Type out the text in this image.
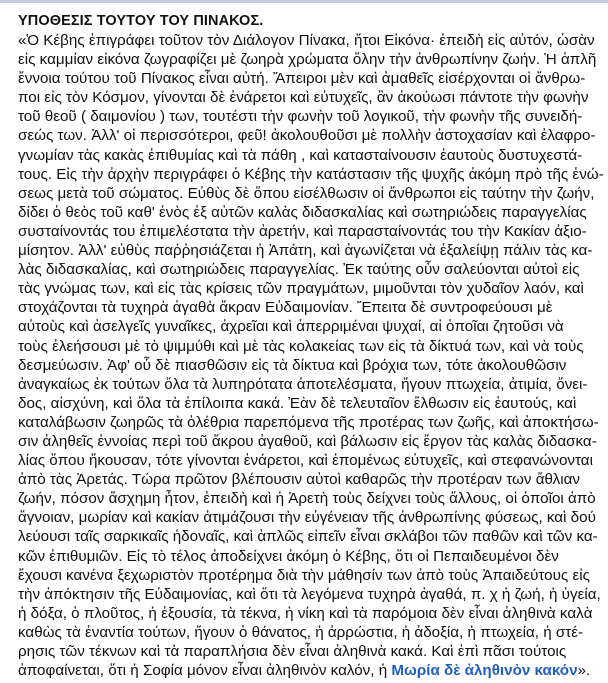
ΥΠΟΘΕΣΙΣ ΤΟΥΤΟΥ ΤΟΥ ΠΙΝΑΚΟΣ.

«Ὁ Κέβης ἐπιγράφει τοῦτον τὸν Διάλογον Πίνακα, ἤτοι Εἰκόνα· ἐπειδὴ εἰς αὐτόν, ὡσὰν

εἰς καμμίαν εἰκόνα ζωγραφίζει μὲ ζωηρὰ χρώματα ὅλην τὴν ἀνθρωπίνην ζωήν. Ἡ ἁπλῆ

ἔννοια τούτου τοῦ Πίνακος εἶναι αὐτή. Ἄπειροι μὲν καὶ ἀμαθεῖς εἰσέρχονται οἱ ἄνθρω-

ποι εἰς τὸν Κόσμον, γίνονται δὲ ἐνάρετοι καὶ εὐτυχεῖς, ἂν ἀκούωσι πάντοτε τὴν φωνὴν

τοῦ θεοῦ ( δαιμονίου ) των, τουτέστι τὴν φωνὴν τοῦ λογικοῦ, τὴν φωνὴν τῆς συνειδή-

σεώς των. Ἀλλ' οἱ περισσότεροι, φεῦ! ἀκολουθοῦσι μὲ πολλὴν ἀστοχασίαν καὶ ἐλαφρο-

γνωμίαν τὰς κακὰς ἐπιθυμίας καὶ τὰ πάθη , καὶ κατασταίνουσιν ἑαυτοὺς δυστυχεστά-

τους. Εἰς τὴν ἀρχὴν περιγράφει ὁ Κέβης τὴν κατάστασιν τῆς ψυχῆς ἀκόμη πρὸ τῆς ἑνώ-

σεως μετὰ τοῦ σώματος. Εὐθὺς δὲ ὅπου εἰσέλθωσιν οἱ ἄνθρωποι εἰς ταύτην τὴν ζωήν,

δίδει ὁ θεὸς τοῦ καθ' ἑνὸς ἐξ αὐτῶν καλὰς διδασκαλίας καὶ σωτηριώδεις παραγγελίας

συσταίνοντάς του ἐπιμελέστατα τὴν ἀρετήν, καὶ παρασταίνοντάς του τὴν Κακίαν ἀξιο-

μίσητον. Ἀλλ' εὐθὺς παῤῥησιάζεται ἡ Ἀπάτη, καὶ ἀγωνίζεται νὰ ἐξαλείψῃ πάλιν τὰς κα-

λὰς διδασκαλίας, καὶ σωτηριώδεις παραγγελίας. Ἐκ ταύτης οὖν σαλεύονται αὐτοὶ εἰς

τὰς γνώμας των, καὶ εἰς τὰς κρίσεις τῶν πραγμάτων, μιμοῦνται τὸν χυδαῖον λαόν, καὶ

στοχάζονται τὰ τυχηρὰ ἀγαθὰ ἄκραν Εὐδαιμονίαν. Ἔπειτα δὲ συντροφεύουσι μὲ

αὐτοὺς καὶ ἀσελγεῖς γυναῖκες, ἀχρεῖαι καὶ ἀπερριμέναι ψυχαί, αἱ ὁποῖαι ζητοῦσι νὰ

τοὺς ἐλεήσουσι μὲ τὸ ψιμμύθι καὶ μὲ τὰς κολακείας των εἰς τὰ δίκτυά των, καὶ νὰ τοὺς

δεσμεύωσιν. Ἀφ' οὗ δὲ πιασθῶσιν εἰς τὰ δίκτυα καὶ βρόχια των, τότε ἀκολουθῶσιν

ἀναγκαίως ἐκ τούτων ὅλα τὰ λυπηρότατα ἀποτελέσματα, ἤγουν πτωχεία, ἀτιμία, ὄνει-

δος, αἰσχύνη, καὶ ὅλα τὰ ἐπίλοιπα κακά. Ἐὰν δὲ τελευταῖον ἔλθωσιν εἰς ἑαυτούς, καὶ

καταλάβωσιν ζωηρῶς τὰ ὀλέθρια παρεπόμενα τῆς προτέρας των ζωῆς, καὶ ἀποκτήσω-

σιν ἀληθεῖς ἐννοίας περὶ τοῦ ἄκρου ἀγαθοῦ, καὶ βάλωσιν εἰς ἔργον τὰς καλὰς διδασκα-

λίας ὅπου ἤκουσαν, τότε γίνονται ἐνάρετοι, καὶ ἑπομένως εὐτυχεῖς, καὶ στεφανώνονται

ἀπὸ τὰς Ἀρετάς. Τώρα πρῶτον βλέπουσιν αὐτοὶ καθαρῶς τὴν προτέραν των ἄθλιαν

ζωήν, πόσον ἄσχημη ἦτον, ἐπειδὴ καὶ ἡ Ἀρετὴ τοὺς δείχνει τοὺς ἄλλους, οἱ ὁποῖοι ἀπὸ

ἄγνοιαν, μωρίαν καὶ κακίαν ἀτιμάζουσι τὴν εὐγένειαν τῆς ἀνθρωπίνης φύσεως, καὶ δού

λεύουσι ταῖς σαρκικαῖς ἡδοναῖς, καὶ ἁπλῶς εἰπεῖν εἶναι σκλάβοι τῶν παθῶν καὶ τῶν κα-

κῶν ἐπιθυμιῶν. Εἰς τὸ τέλος ἀποδείχνει ἀκόμη ὁ Κέβης, ὅτι οἱ Πεπαιδευμένοι δὲν

ἔχουσι κανένα ξεχωριστὸν προτέρημα διὰ τὴν μάθησίν των ἀπὸ τοὺς Ἀπαιδεύτους εἰς

τὴν ἀπόκτησιν τῆς Εὐδαιμονίας, καὶ ὅτι τὰ λεγόμενα τυχηρὰ ἀγαθά, π. χ ἡ ζωή, ἡ ὑγεία,

ἡ δόξα, ὁ πλοῦτος, ἡ ἐξουσία, τὰ τέκνα, ἡ νίκη καὶ τὰ παρόμοια δὲν εἶναι ἀληθινὰ καλὰ

καθὼς τὰ ἐναντία τούτων, ἤγουν ὁ θάνατος, ἡ ἀρρώστια, ἡ ἀδοξία, ἡ πτωχεία, ἡ στέ-

ρησις τῶν τέκνων καὶ τὰ παραπλήσια δὲν εἶναι ἀληθινὰ κακά. Καὶ ἐπὶ πᾶσι τούτοις

ἀποφαίνεται, ὅτι ἡ Σοφία μόνον εἶναι ἀληθινὸν καλόν, ἡ Μωρία δὲ ἀληθινὸν κακόν».
